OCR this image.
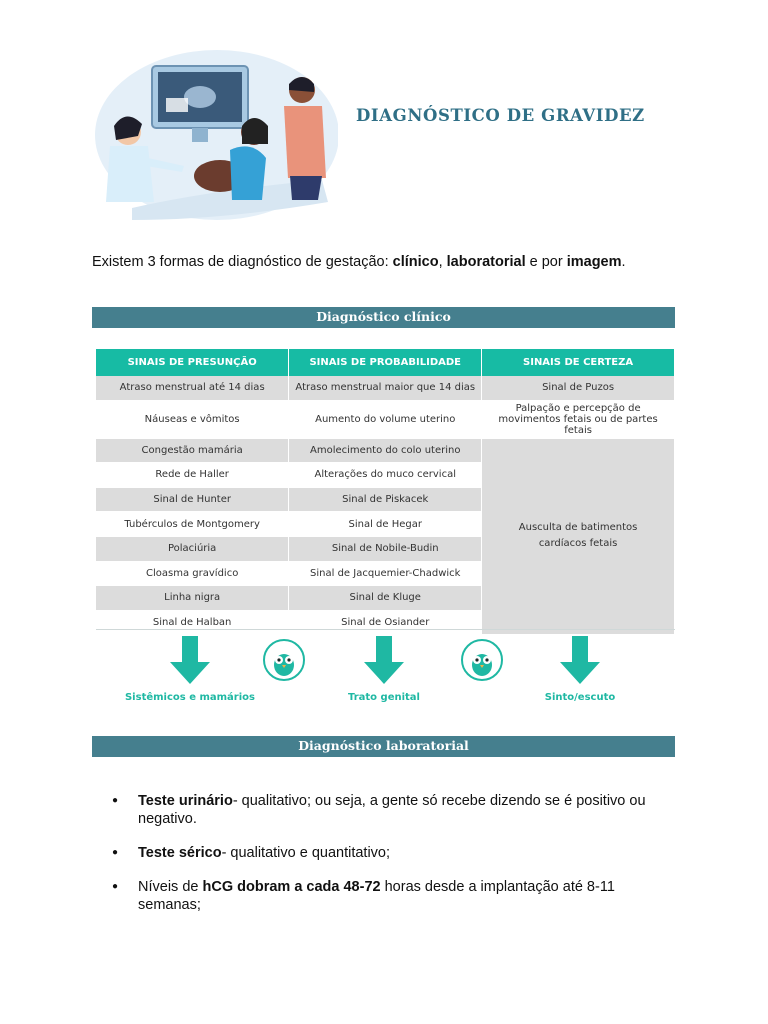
DIAGNÓSTICO DE GRAVIDEZ

Existem 3 formas de diagnóstico de gestação: clínico, laboratorial e por imagem.

Diagnóstico clínico
SINAIS DE PRESUNÇÃO	SINAIS DE PROBABILIDADE	SINAIS DE CERTEZA
Atraso menstrual até 14 dias	Atraso menstrual maior que 14 dias	Sinal de Puzos
Náuseas e vômitos	Aumento do volume uterino	Palpação e percepção de movimentos fetais ou de partes fetais
Congestão mamária	Amolecimento do colo uterino	Ausculta de batimentos cardíacos fetais
Rede de Haller	Alterações do muco cervical	
Sinal de Hunter	Sinal de Piskacek	
Tubérculos de Montgomery	Sinal de Hegar	
Polaciúria	Sinal de Nobile-Budin	
Cloasma gravídico	Sinal de Jacquemier-Chadwick	
Linha nigra	Sinal de Kluge	
Sinal de Halban	Sinal de Osiander	
Sistêmicos e mamários	Trato genital	Sinto/escuto
Diagnóstico laboratorial
● Teste urinário- qualitativo; ou seja, a gente só recebe dizendo se é positivo ou negativo.
● Teste sérico- qualitativo e quantitativo;
● Níveis de hCG dobram a cada 48-72 horas desde a implantação até 8-11 semanas;
